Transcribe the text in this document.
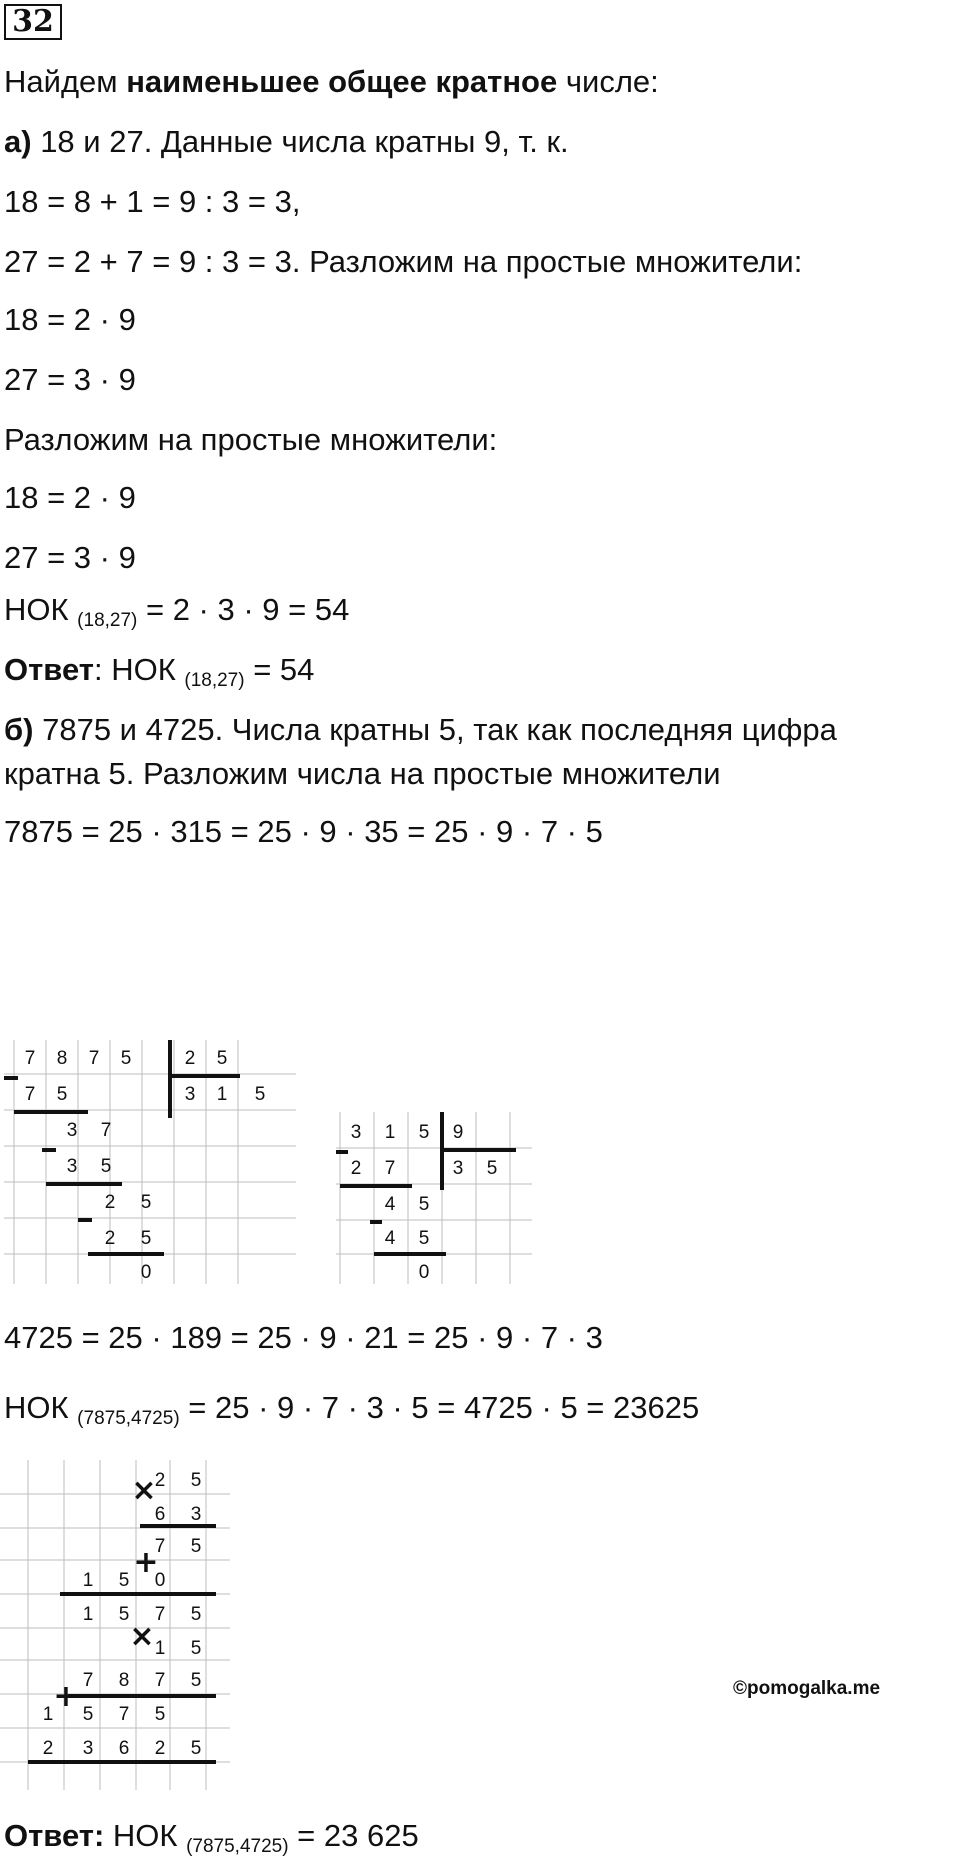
32
Найдем наименьшее общее кратное числе:
а) 18 и 27. Данные числа кратны 9, т. к.
18 = 8 + 1 = 9 : 3 = 3,
27 = 2 + 7 = 9 : 3 = 3. Разложим на простые множители:
18 = 2 · 9
27 = 3 · 9
Разложим на простые множители:
18 = 2 · 9
27 = 3 · 9
НОК $_{(18,27)}$ = 2 · 3 · 9 = 54
Ответ: НОК $_{(18,27)}$ = 54
б) 7875 и 4725. Числа кратны 5, так как последняя цифра
кратна 5. Разложим числа на простые множители
7875 = 25 · 315 = 25 · 9 · 35 = 25 · 9 · 7 · 5
7 8 7 5	2 5
3 1 5
7 5
3 7
3 5
2 5
2 5
0
3 1 5 9
3 5
2 7
4 5
4 5
0
4725 = 25 · 189 = 25 · 9 · 21 = 25 · 9 · 7 · 3
НОК $_{(7875,4725)}$ = 25 · 9 · 7 · 3 · 5 = 4725 · 5 = 23625
2 5
6 3
7 5
1 5 0
1 5 7 5
1 5
7 8 7 5
1 5 7 5
2 3 6 2 5
×
+
×
+	©pomogalka.me
Ответ: НОК $_{(7875,4725)}$ = 23 625
